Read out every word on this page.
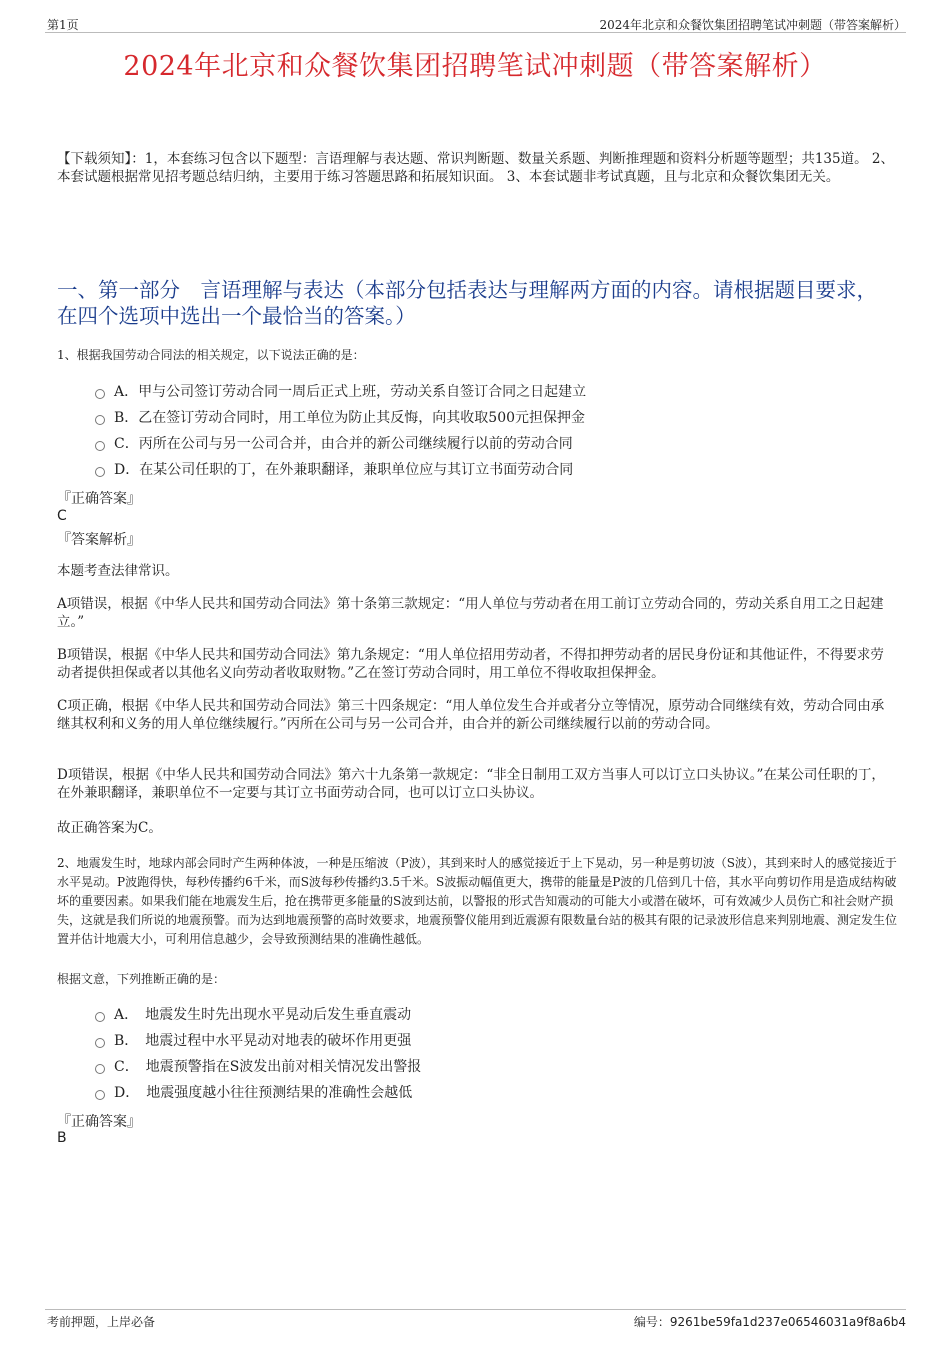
第1页	2024年北京和众餐饮集团招聘笔试冲刺题（带答案解析）
2024年北京和众餐饮集团招聘笔试冲刺题（带答案解析）
【下载须知】：1，本套练习包含以下题型：言语理解与表达题、常识判断题、数量关系题、判断推理题和资料分析题等题型；共135道。 2、本套试题根据常见招考题总结归纳，主要用于练习答题思路和拓展知识面。 3、本套试题非考试真题，且与北京和众餐饮集团无关。
一、第一部分　言语理解与表达（本部分包括表达与理解两方面的内容。请根据题目要求，在四个选项中选出一个最恰当的答案。）
1、根据我国劳动合同法的相关规定，以下说法正确的是：
A．甲与公司签订劳动合同一周后正式上班，劳动关系自签订合同之日起建立
B．乙在签订劳动合同时，用工单位为防止其反悔，向其收取500元担保押金
C．丙所在公司与另一公司合并，由合并的新公司继续履行以前的劳动合同
D．在某公司任职的丁，在外兼职翻译，兼职单位应与其订立书面劳动合同
『正确答案』
C
『答案解析』
本题考查法律常识。
A项错误，根据《中华人民共和国劳动合同法》第十条第三款规定：“用人单位与劳动者在用工前订立劳动合同的，劳动关系自用工之日起建立。”
B项错误，根据《中华人民共和国劳动合同法》第九条规定：“用人单位招用劳动者，不得扣押劳动者的居民身份证和其他证件，不得要求劳动者提供担保或者以其他名义向劳动者收取财物。”乙在签订劳动合同时，用工单位不得收取担保押金。
C项正确，根据《中华人民共和国劳动合同法》第三十四条规定：“用人单位发生合并或者分立等情况，原劳动合同继续有效，劳动合同由承继其权利和义务的用人单位继续履行。”丙所在公司与另一公司合并，由合并的新公司继续履行以前的劳动合同。
D项错误，根据《中华人民共和国劳动合同法》第六十九条第一款规定：“非全日制用工双方当事人可以订立口头协议。”在某公司任职的丁，在外兼职翻译，兼职单位不一定要与其订立书面劳动合同，也可以订立口头协议。
故正确答案为C。
2、地震发生时，地球内部会同时产生两种体波，一种是压缩波（P波），其到来时人的感觉接近于上下晃动，另一种是剪切波（S波），其到来时人的感觉接近于水平晃动。P波跑得快，每秒传播约6千米，而S波每秒传播约3.5千米。S波振动幅值更大，携带的能量是P波的几倍到几十倍，其水平向剪切作用是造成结构破坏的重要因素。如果我们能在地震发生后，抢在携带更多能量的S波到达前，以警报的形式告知震动的可能大小或潜在破坏，可有效减少人员伤亡和社会财产损失，这就是我们所说的地震预警。而为达到地震预警的高时效要求，地震预警仪能用到近震源有限数量台站的极其有限的记录波形信息来判别地震、测定发生位置并估计地震大小，可利用信息越少，会导致预测结果的准确性越低。
根据文意，下列推断正确的是：
A．　地震发生时先出现水平晃动后发生垂直震动
B．　地震过程中水平晃动对地表的破坏作用更强
C．　地震预警指在S波发出前对相关情况发出警报
D．　地震强度越小往往预测结果的准确性会越低
『正确答案』
B
考前押题，上岸必备	编号：9261be59fa1d237e06546031a9f8a6b4
